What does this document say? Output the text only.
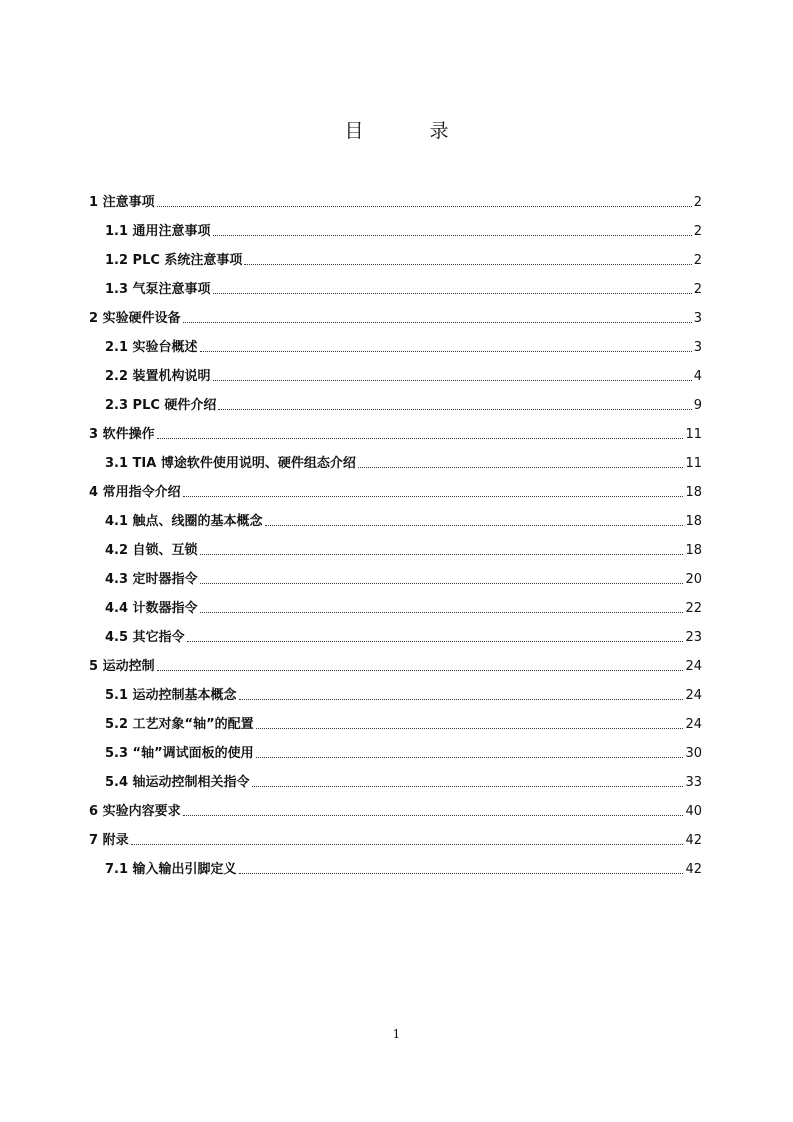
目 录
1 注意事项	2
1.1 通用注意事项	2
1.2 PLC 系统注意事项	2
1.3 气泵注意事项	2
2 实验硬件设备	3
2.1 实验台概述	3
2.2 装置机构说明	4
2.3 PLC 硬件介绍	9
3 软件操作	11
3.1 TIA 博途软件使用说明、硬件组态介绍	11
4 常用指令介绍	18
4.1 触点、线圈的基本概念	18
4.2 自锁、互锁	18
4.3 定时器指令	20
4.4 计数器指令	22
4.5 其它指令	23
5 运动控制	24
5.1 运动控制基本概念	24
5.2 工艺对象“轴”的配置	24
5.3 “轴”调试面板的使用	30
5.4 轴运动控制相关指令	33
6 实验内容要求	40
7 附录	42
7.1 输入输出引脚定义	42
1
